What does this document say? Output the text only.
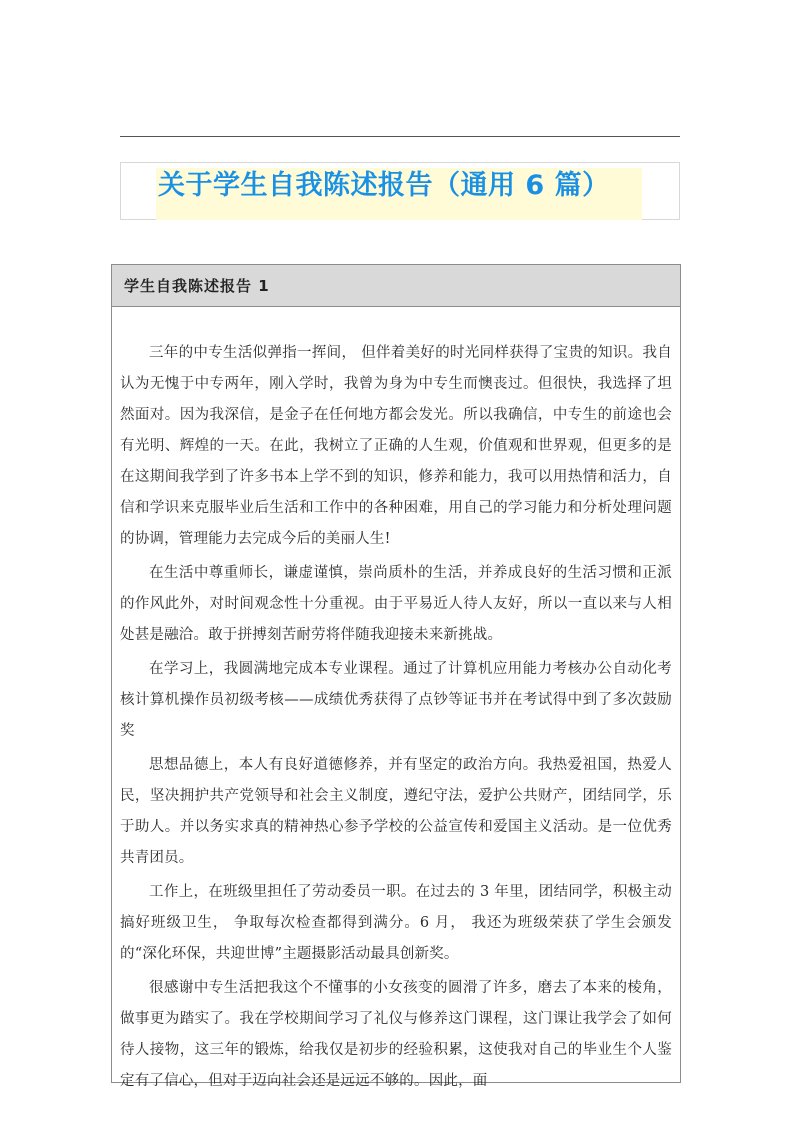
关于学生自我陈述报告（通用 6 篇）
学生自我陈述报告 1

三年的中专生活似弹指一挥间， 但伴着美好的时光同样获得了宝贵的知识。我自认为无愧于中专两年，刚入学时，我曾为身为中专生而懊丧过。但很快，我选择了坦然面对。因为我深信，是金子在任何地方都会发光。所以我确信，中专生的前途也会有光明、辉煌的一天。在此，我树立了正确的人生观，价值观和世界观，但更多的是在这期间我学到了许多书本上学不到的知识，修养和能力，我可以用热情和活力，自信和学识来克服毕业后生活和工作中的各种困难，用自己的学习能力和分析处理问题的协调，管理能力去完成今后的美丽人生!

在生活中尊重师长，谦虚谨慎，崇尚质朴的生活，并养成良好的生活习惯和正派的作风此外，对时间观念性十分重视。由于平易近人待人友好，所以一直以来与人相处甚是融洽。敢于拼搏刻苦耐劳将伴随我迎接未来新挑战。

在学习上，我圆满地完成本专业课程。通过了计算机应用能力考核办公自动化考核计算机操作员初级考核——成绩优秀获得了点钞等证书并在考试得中到了多次鼓励奖

思想品德上，本人有良好道德修养，并有坚定的政治方向。我热爱祖国，热爱人民，坚决拥护共产党领导和社会主义制度，遵纪守法，爱护公共财产，团结同学，乐于助人。并以务实求真的精神热心参予学校的公益宣传和爱国主义活动。是一位优秀共青团员。

工作上，在班级里担任了劳动委员一职。在过去的 3 年里，团结同学，积极主动搞好班级卫生， 争取每次检查都得到满分。6 月， 我还为班级荣获了学生会颁发的“深化环保，共迎世博”主题摄影活动最具创新奖。

很感谢中专生活把我这个不懂事的小女孩变的圆滑了许多，磨去了本来的棱角，做事更为踏实了。我在学校期间学习了礼仪与修养这门课程，这门课让我学会了如何待人接物，这三年的锻炼，给我仅是初步的经验积累，这使我对自己的毕业生个人鉴定有了信心，但对于迈向社会还是远远不够的。因此，面
